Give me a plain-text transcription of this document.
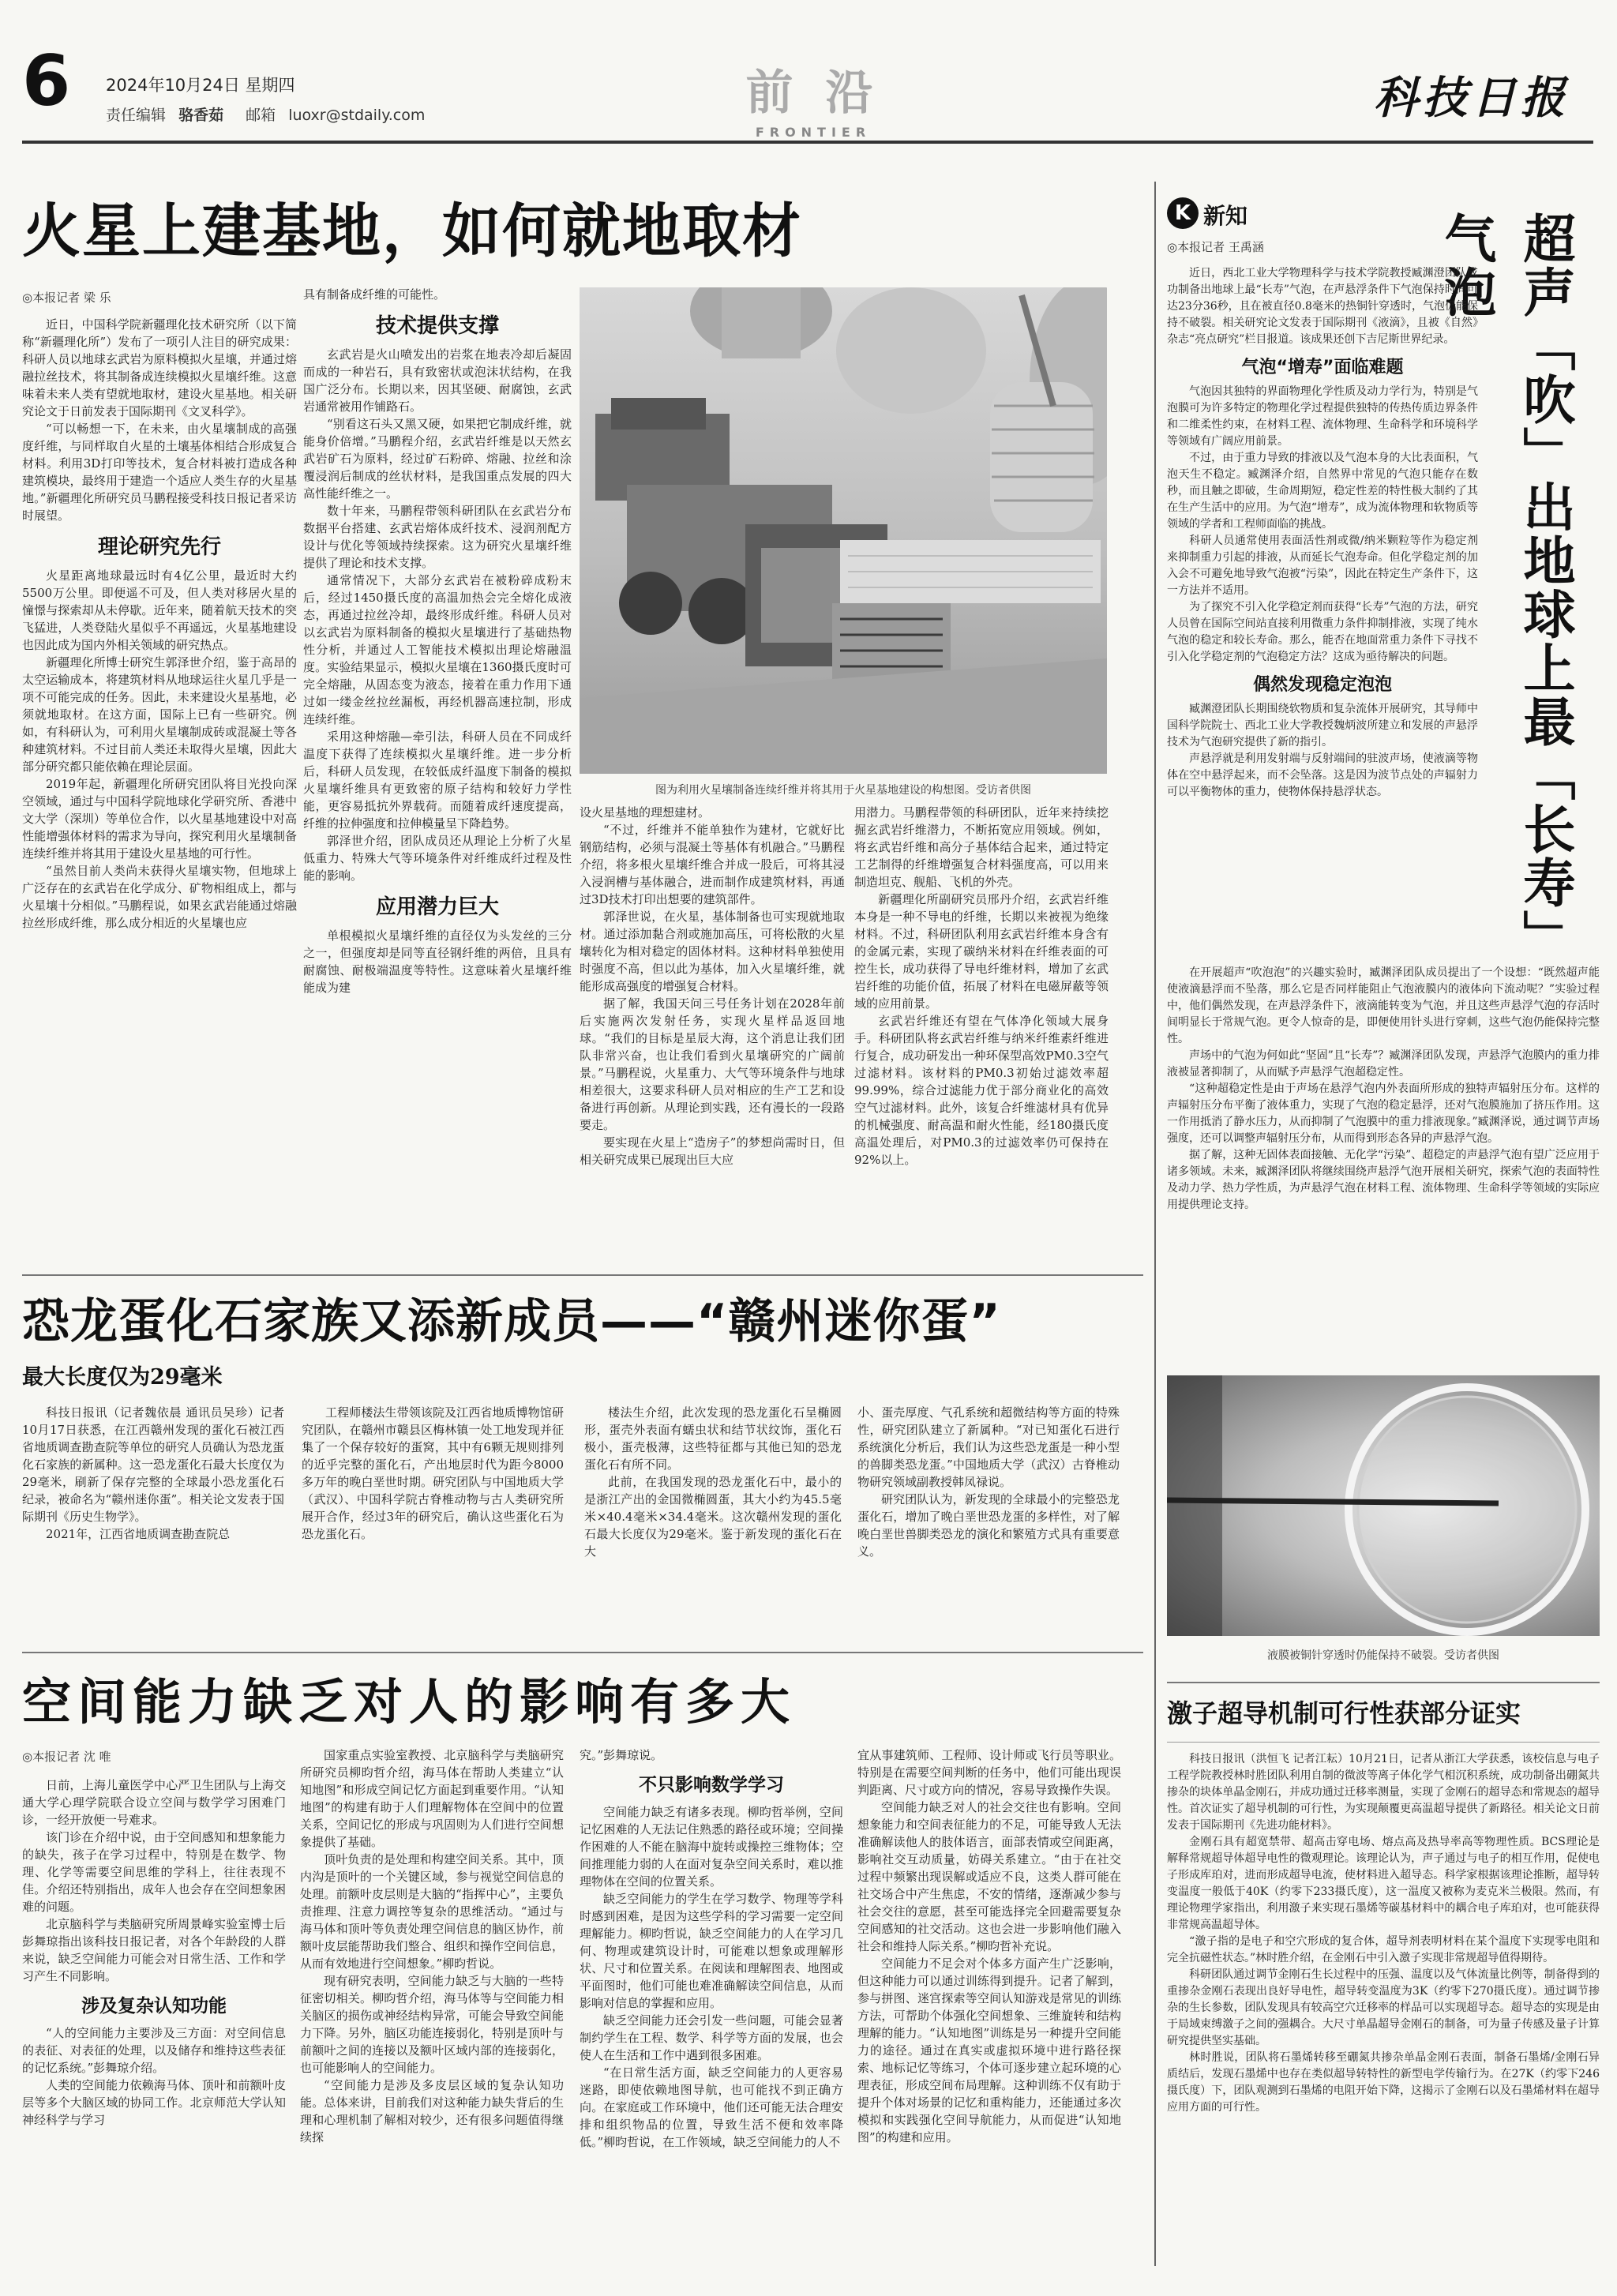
6 2024年10月24日 星期四
责任编辑 骆香茹 邮箱 luoxr@stdaily.com	前 沿
FRONTIER
科技日报
火星上建基地，如何就地取材
◎本报记者 梁 乐

近日，中国科学院新疆理化技术研究所（以下简称“新疆理化所”）发布了一项引人注目的研究成果：科研人员以地球玄武岩为原料模拟火星壤，并通过熔融拉丝技术，将其制备成连续模拟火星壤纤维。这意味着未来人类有望就地取材，建设火星基地。相关研究论文于日前发表于国际期刊《文叉科学》。

“可以畅想一下，在未来，由火星壤制成的高强度纤维，与同样取自火星的土壤基体相结合形成复合材料。利用3D打印等技术，复合材料被打造成各种建筑模块，最终用于建造一个适应人类生存的火星基地。”新疆理化所研究员马鹏程接受科技日报记者采访时展望。

理论研究先行

火星距离地球最远时有4亿公里，最近时大约5500万公里。即便遥不可及，但人类对移居火星的憧憬与探索却从未停歇。近年来，随着航天技术的突飞猛进，人类登陆火星似乎不再遥远，火星基地建设也因此成为国内外相关领域的研究热点。

新疆理化所博士研究生郭泽世介绍，鉴于高昂的太空运输成本，将建筑材料从地球运往火星几乎是一项不可能完成的任务。因此，未来建设火星基地，必须就地取材。在这方面，国际上已有一些研究。例如，有科研认为，可利用火星壤制成砖或混凝土等各种建筑材料。不过目前人类还未取得火星壤，因此大部分研究都只能依赖在理论层面。

2019年起，新疆理化所研究团队将目光投向深空领域，通过与中国科学院地球化学研究所、香港中文大学（深圳）等单位合作，以火星基地建设中对高性能增强体材料的需求为导向，探究利用火星壤制备连续纤维并将其用于建设火星基地的可行性。

“虽然目前人类尚未获得火星壤实物，但地球上广泛存在的玄武岩在化学成分、矿物相组成上，都与火星壤十分相似。”马鹏程说，如果玄武岩能通过熔融拉丝形成纤维，那么成分相近的火星壤也应

具有制备成纤维的可能性。
技术提供支撑

玄武岩是火山喷发出的岩浆在地表冷却后凝固而成的一种岩石，具有致密状或泡沫状结构，在我国广泛分布。长期以来，因其坚硬、耐腐蚀，玄武岩通常被用作铺路石。

“别看这石头又黑又硬，如果把它制成纤维，就能身价倍增。”马鹏程介绍，玄武岩纤维是以天然玄武岩矿石为原料，经过矿石粉碎、熔融、拉丝和涂覆浸润后制成的丝状材料，是我国重点发展的四大高性能纤维之一。

数十年来，马鹏程带领科研团队在玄武岩分布数据平台搭建、玄武岩熔体成纤技术、浸润剂配方设计与优化等领域持续探索。这为研究火星壤纤维提供了理论和技术支撑。

通常情况下，大部分玄武岩在被粉碎成粉末后，经过1450摄氏度的高温加热会完全熔化成液态，再通过拉丝冷却，最终形成纤维。科研人员对以玄武岩为原料制备的模拟火星壤进行了基础热物性分析，并通过人工智能技术模拟出理论熔融温度。实验结果显示，模拟火星壤在1360摄氏度时可完全熔融，从固态变为液态，接着在重力作用下通过如一缕金丝拉丝漏板，再经机器高速拉制，形成连续纤维。

采用这种熔融—牵引法，科研人员在不同成纤温度下获得了连续模拟火星壤纤维。进一步分析后，科研人员发现，在较低成纤温度下制备的模拟火星壤纤维具有更致密的原子结构和较好力学性能，更容易抵抗外界载荷。而随着成纤速度提高，纤维的拉伸强度和拉伸模量呈下降趋势。

郭泽世介绍，团队成员还从理论上分析了火星低重力、特殊大气等环境条件对纤维成纤过程及性能的影响。

应用潜力巨大

单根模拟火星壤纤维的直径仅为头发丝的三分之一，但强度却是同等直径钢纤维的两倍，且具有耐腐蚀、耐极端温度等特性。这意味着火星壤纤维能成为建

图为利用火星壤制备连续纤维并将其用于火星基地建设的构想图。受访者供图
设火星基地的理想建材。

“不过，纤维并不能单独作为建材，它就好比钢筋结构，必须与混凝土等基体有机融合。”马鹏程介绍，将多根火星壤纤维合并成一股后，可将其浸入浸润槽与基体融合，进而制作成建筑材料，再通过3D技术打印出想要的建筑部件。

郭泽世说，在火星，基体制备也可实现就地取材。通过添加黏合剂或施加高压，可将松散的火星壤转化为相对稳定的固体材料。这种材料单独使用时强度不高，但以此为基体，加入火星壤纤维，就能形成高强度的增强复合材料。

据了解，我国天问三号任务计划在2028年前后实施两次发射任务，实现火星样品返回地球。“我们的目标是星辰大海，这个消息让我们团队非常兴奋，也让我们看到火星壤研究的广阔前景。”马鹏程说，火星重力、大气等环境条件与地球相差很大，这要求科研人员对相应的生产工艺和设备进行再创新。从理论到实践，还有漫长的一段路要走。

要实现在火星上“造房子”的梦想尚需时日，但相关研究成果已展现出巨大应

用潜力。马鹏程带领的科研团队，近年来持续挖掘玄武岩纤维潜力，不断拓宽应用领域。例如，将玄武岩纤维和高分子基体结合起来，通过特定工艺制得的纤维增强复合材料强度高，可以用来制造坦克、舰船、飞机的外壳。

新疆理化所副研究员邢丹介绍，玄武岩纤维本身是一种不导电的纤维，长期以来被视为绝缘材料。不过，科研团队利用玄武岩纤维本身含有的金属元素，实现了碳纳米材料在纤维表面的可控生长，成功获得了导电纤维材料，增加了玄武岩纤维的功能价值，拓展了材料在电磁屏蔽等领域的应用前景。

玄武岩纤维还有望在气体净化领域大展身手。科研团队将玄武岩纤维与纳米纤维素纤维进行复合，成功研发出一种环保型高效PM0.3空气过滤材料。该材料的PM0.3初始过滤效率超99.99%，综合过滤能力优于部分商业化的高效空气过滤材料。此外，该复合纤维滤材具有优异的机械强度、耐高温和耐火性能，经180摄氏度高温处理后，对PM0.3的过滤效率仍可保持在92%以上。

K 新知
◎本报记者 王禹涵	超声「吹」出地球上最「长寿」气泡

近日，西北工业大学物理科学与技术学院教授臧渊澄团队成功制备出地球上最“长寿”气泡，在声悬浮条件下气泡保持时间可达23分36秒，且在被直径0.8毫米的热铜针穿透时，气泡仍能保持不破裂。相关研究论文发表于国际期刊《液滴》，且被《自然》杂志“亮点研究”栏目报道。该成果还创下吉尼斯世界纪录。

气泡“增寿”面临难题

气泡因其独特的界面物理化学性质及动力学行为，特别是气泡膜可为许多特定的物理化学过程提供独特的传热传质边界条件和二维柔性约束，在材料工程、流体物理、生命科学和环境科学等领域有广阔应用前景。

不过，由于重力导致的排液以及气泡本身的大比表面积，气泡天生不稳定。臧渊泽介绍，自然界中常见的气泡只能存在数秒，而且触之即破，生命周期短，稳定性差的特性极大制约了其在生产生活中的应用。为气泡“增寿”，成为流体物理和软物质等领域的学者和工程师面临的挑战。

科研人员通常使用表面活性剂或微/纳米颗粒等作为稳定剂来抑制重力引起的排液，从而延长气泡寿命。但化学稳定剂的加入会不可避免地导致气泡被“污染”，因此在特定生产条件下，这一方法并不适用。

为了探究不引入化学稳定剂而获得“长寿”气泡的方法，研究人员曾在国际空间站直接利用微重力条件抑制排液，实现了纯水气泡的稳定和较长寿命。那么，能否在地面常重力条件下寻找不引入化学稳定剂的气泡稳定方法？这成为亟待解决的问题。

偶然发现稳定泡泡

臧渊澄团队长期围绕软物质和复杂流体开展研究，其导师中国科学院院士、西北工业大学教授魏炳波所建立和发展的声悬浮技术为气泡研究提供了新的指引。

声悬浮就是利用发射端与反射端间的驻波声场，使液滴等物体在空中悬浮起来，而不会坠落。这是因为波节点处的声辐射力可以平衡物体的重力，使物体保持悬浮状态。

在开展超声“吹泡泡”的兴趣实验时，臧渊泽团队成员提出了一个设想：“既然超声能使液滴悬浮而不坠落，那么它是否同样能阻止气泡液膜内的液体向下流动呢？”实验过程中，他们偶然发现，在声悬浮条件下，液滴能转变为气泡，并且这些声悬浮气泡的存活时间明显长于常规气泡。更令人惊奇的是，即便使用针头进行穿刺，这些气泡仍能保持完整性。

声场中的气泡为何如此“坚固”且“长寿”？臧渊泽团队发现，声悬浮气泡膜内的重力排液被显著抑制了，从而赋予声悬浮气泡超稳定性。

“这种超稳定性是由于声场在悬浮气泡内外表面所形成的独特声辐射压分布。这样的声辐射压分布平衡了液体重力，实现了气泡的稳定悬浮，还对气泡膜施加了挤压作用。这一作用抵消了静水压力，从而抑制了气泡膜中的重力排液现象。”臧渊泽说，通过调节声场强度，还可以调整声辐射压分布，从而得到形态各异的声悬浮气泡。

据了解，这种无固体表面接触、无化学“污染”、超稳定的声悬浮气泡有望广泛应用于诸多领域。未来，臧渊泽团队将继续围绕声悬浮气泡开展相关研究，探索气泡的表面特性及动力学、热力学性质，为声悬浮气泡在材料工程、流体物理、生命科学等领域的实际应用提供理论支持。

液膜被铜针穿透时仍能保持不破裂。受访者供图
恐龙蛋化石家族又添新成员——“赣州迷你蛋”
最大长度仅为29毫米

科技日报讯（记者魏依晨 通讯员吴珍）记者10月17日获悉，在江西赣州发现的蛋化石被江西省地质调查勘查院等单位的研究人员确认为恐龙蛋化石家族的新属种。这一恐龙蛋化石最大长度仅为29毫米，刷新了保存完整的全球最小恐龙蛋化石纪录，被命名为“赣州迷你蛋”。相关论文发表于国际期刊《历史生物学》。

2021年，江西省地质调查勘查院总

工程师楼法生带领该院及江西省地质博物馆研究团队，在赣州市赣县区梅林镇一处工地发现并征集了一个保存较好的蛋窝，其中有6颗无规则排列的近乎完整的蛋化石，产出地层时代为距今8000多万年的晚白垩世时期。研究团队与中国地质大学（武汉）、中国科学院古脊椎动物与古人类研究所展开合作，经过3年的研究后，确认这些蛋化石为恐龙蛋化石。

楼法生介绍，此次发现的恐龙蛋化石呈椭圆形，蛋壳外表面有蠕虫状和结节状纹饰，蛋化石极小，蛋壳极薄，这些特征都与其他已知的恐龙蛋化石有所不同。

此前，在我国发现的恐龙蛋化石中，最小的是浙江产出的金国微椭圆蛋，其大小约为45.5毫米×40.4毫米×34.4毫米。这次赣州发现的蛋化石最大长度仅为29毫米。鉴于新发现的蛋化石在大

小、蛋壳厚度、气孔系统和超微结构等方面的特殊性，研究团队建立了新属种。“对已知蛋化石进行系统演化分析后，我们认为这些恐龙蛋是一种小型的兽脚类恐龙蛋。”中国地质大学（武汉）古脊椎动物研究领域副教授韩凤禄说。

研究团队认为，新发现的全球最小的完整恐龙蛋化石，增加了晚白垩世恐龙蛋的多样性，对了解晚白垩世兽脚类恐龙的演化和繁殖方式具有重要意义。

空间能力缺乏对人的影响有多大
◎本报记者 沈 唯

日前，上海儿童医学中心严卫生团队与上海交通大学心理学院联合设立空间与数学学习困难门诊，一经开放便一号难求。

该门诊在介绍中说，由于空间感知和想象能力的缺失，孩子在学习过程中，特别是在数学、物理、化学等需要空间思维的学科上，往往表现不佳。介绍还特别指出，成年人也会存在空间想象困难的问题。

北京脑科学与类脑研究所周景峰实验室博士后彭舞琼指出该科技日报记者，对各个年龄段的人群来说，缺乏空间能力可能会对日常生活、工作和学习产生不同影响。

涉及复杂认知功能

“人的空间能力主要涉及三方面：对空间信息的表征、对表征的处理，以及储存和维持这些表征的记忆系统。”彭舞琼介绍。

人类的空间能力依赖海马体、顶叶和前额叶皮层等多个大脑区域的协同工作。北京师范大学认知神经科学与学习

国家重点实验室教授、北京脑科学与类脑研究所研究员柳昀哲介绍，海马体在帮助人类建立“认知地图”和形成空间记忆方面起到重要作用。“认知地图”的构建有助于人们理解物体在空间中的位置关系，空间记忆的形成与巩固则为人们进行空间想象提供了基础。

顶叶负责的是处理和构建空间关系。其中，顶内沟是顶叶的一个关键区域，参与视觉空间信息的处理。前额叶皮层则是大脑的“指挥中心”，主要负责推理、注意力调控等复杂的思维活动。“通过与海马体和顶叶等负责处理空间信息的脑区协作，前额叶皮层能帮助我们整合、组织和操作空间信息，从而有效地进行空间想象。”柳昀哲说。

现有研究表明，空间能力缺乏与大脑的一些特征密切相关。柳昀哲介绍，海马体等与空间能力相关脑区的损伤或神经结构异常，可能会导致空间能力下降。另外，脑区功能连接弱化，特别是顶叶与前额叶之间的连接以及额叶区域内部的连接弱化，也可能影响人的空间能力。

“空间能力是涉及多皮层区域的复杂认知功能。总体来讲，目前我们对这种能力缺失背后的生理和心理机制了解相对较少，还有很多问题值得继续探

究。”彭舞琼说。
不只影响数学学习

空间能力缺乏有诸多表现。柳昀哲举例，空间记忆困难的人无法记住熟悉的路径或环境；空间操作困难的人不能在脑海中旋转或操控三维物体；空间推理能力弱的人在面对复杂空间关系时，难以推理物体在空间的位置关系。

缺乏空间能力的学生在学习数学、物理等学科时感到困难，是因为这些学科的学习需要一定空间理解能力。柳昀哲说，缺乏空间能力的人在学习几何、物理或建筑设计时，可能难以想象或理解形状、尺寸和位置关系。在阅读和理解图表、地图或平面图时，他们可能也难准确解读空间信息，从而影响对信息的掌握和应用。

缺乏空间能力还会引发一些问题，可能会显著制约学生在工程、数学、科学等方面的发展，也会使人在生活和工作中遇到很多困难。

“在日常生活方面，缺乏空间能力的人更容易迷路，即使依赖地图导航，也可能找不到正确方向。在家庭或工作环境中，他们还可能无法合理安排和组织物品的位置，导致生活不便和效率降低。”柳昀哲说，在工作领域，缺乏空间能力的人不

宜从事建筑师、工程师、设计师或飞行员等职业。特别是在需要空间判断的任务中，他们可能出现误判距离、尺寸或方向的情况，容易导致操作失误。

空间能力缺乏对人的社会交往也有影响。空间想象能力和空间表征能力的不足，可能导致人无法准确解读他人的肢体语言，面部表情或空间距离，影响社交互动质量，妨碍关系建立。“由于在社交过程中频繁出现误解或适应不良，这类人群可能在社交场合中产生焦虑，不安的情绪，逐渐减少参与社会交往的意愿，甚至可能选择完全回避需要复杂空间感知的社交活动。这也会进一步影响他们融入社会和维持人际关系。”柳昀哲补充说。

空间能力不足会对个体多方面产生广泛影响，但这种能力可以通过训练得到提升。记者了解到，参与拼图、迷宫探索等空间认知游戏是常见的训练方法，可帮助个体强化空间想象、三维旋转和结构理解的能力。“认知地图”训练是另一种提升空间能力的途径。通过在真实或虚拟环境中进行路径探索、地标记忆等练习，个体可逐步建立起环境的心理表征，形成空间布局理解。这种训练不仅有助于提升个体对场景的记忆和重构能力，还能通过多次模拟和实践强化空间导航能力，从而促进“认知地图”的构建和应用。

激子超导机制可行性获部分证实

科技日报讯（洪恒飞 记者江耘）10月21日，记者从浙江大学获悉，该校信息与电子工程学院教授林时胜团队利用自制的微波等离子体化学气相沉积系统，成功制备出硼氮共掺杂的块体单晶金刚石，并成功通过迁移率测量，实现了金刚石的超导态和常规态的超导性。首次证实了超导机制的可行性，为实现颠覆更高温超导提供了新路径。相关论文日前发表于国际期刊《先进功能材料》。

金刚石具有超宽禁带、超高击穿电场、熔点高及热导率高等物理性质。BCS理论是解释常规超导体超导电性的微观理论。该理论认为，声子通过与电子的相互作用，促使电子形成库珀对，进而形成超导电流，使材料进入超导态。科学家根据该理论推断，超导转变温度一般低于40K（约零下233摄氏度），这一温度又被称为麦克米兰极限。然而，有理论物理学家指出，利用激子来实现石墨烯等碳基材料中的耦合电子库珀对，也可能获得非常规高温超导体。

“激子指的是电子和空穴形成的复合体，超导剂表明材料在某个温度下实现零电阻和完全抗磁性状态。”林时胜介绍，在金刚石中引入激子实现非常规超导值得期待。

科研团队通过调节金刚石生长过程中的压强、温度以及气体流量比例等，制备得到的重掺杂金刚石表现出良好导电性，超导转变温度为3K（约零下270摄氏度）。通过调节掺杂的生长参数，团队发现具有较高空穴迁移率的样品可以实现超导态。超导态的实现是由于局域束缚激子之间的强耦合。大尺寸单晶超导金刚石的制备，可为量子传感及量子计算研究提供坚实基础。

林时胜说，团队将石墨烯转移至硼氮共掺杂单晶金刚石表面，制备石墨烯/金刚石异质结后，发现石墨烯中也存在类似超导转特性的新型电学传输行为。在27K（约零下246摄氏度）下，团队观测到石墨烯的电阻开始下降，这揭示了金刚石以及石墨烯材料在超导应用方面的可行性。
